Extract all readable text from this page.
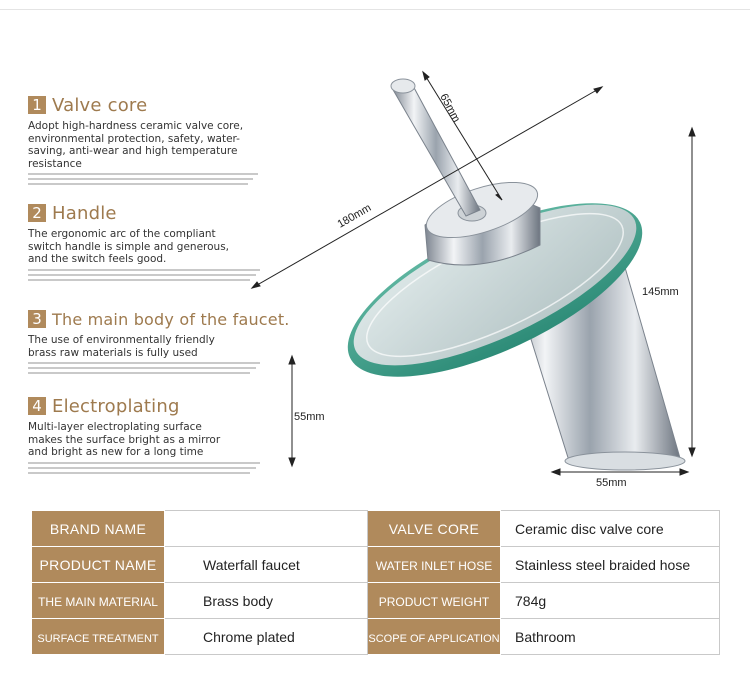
1 Valve core
Adopt high-hardness ceramic valve core, environmental protection, safety, water-saving, anti-wear and high temperature resistance
2 Handle
The ergonomic arc of the compliant switch handle is simple and generous, and the switch feels good.
3 The main body of the faucet.
The use of environmentally friendly brass raw materials is fully used
4 Electroplating
Multi-layer electroplating surface makes the surface bright as a mirror and bright as new for a long time
65mm
180mm
145mm
55mm
55mm
BRAND NAME		VALVE CORE	Ceramic disc valve core
PRODUCT NAME	Waterfall faucet	WATER INLET HOSE	Stainless steel braided hose
THE MAIN MATERIAL	Brass body	PRODUCT WEIGHT	784g
SURFACE TREATMENT	Chrome plated	SCOPE OF APPLICATION	Bathroom
